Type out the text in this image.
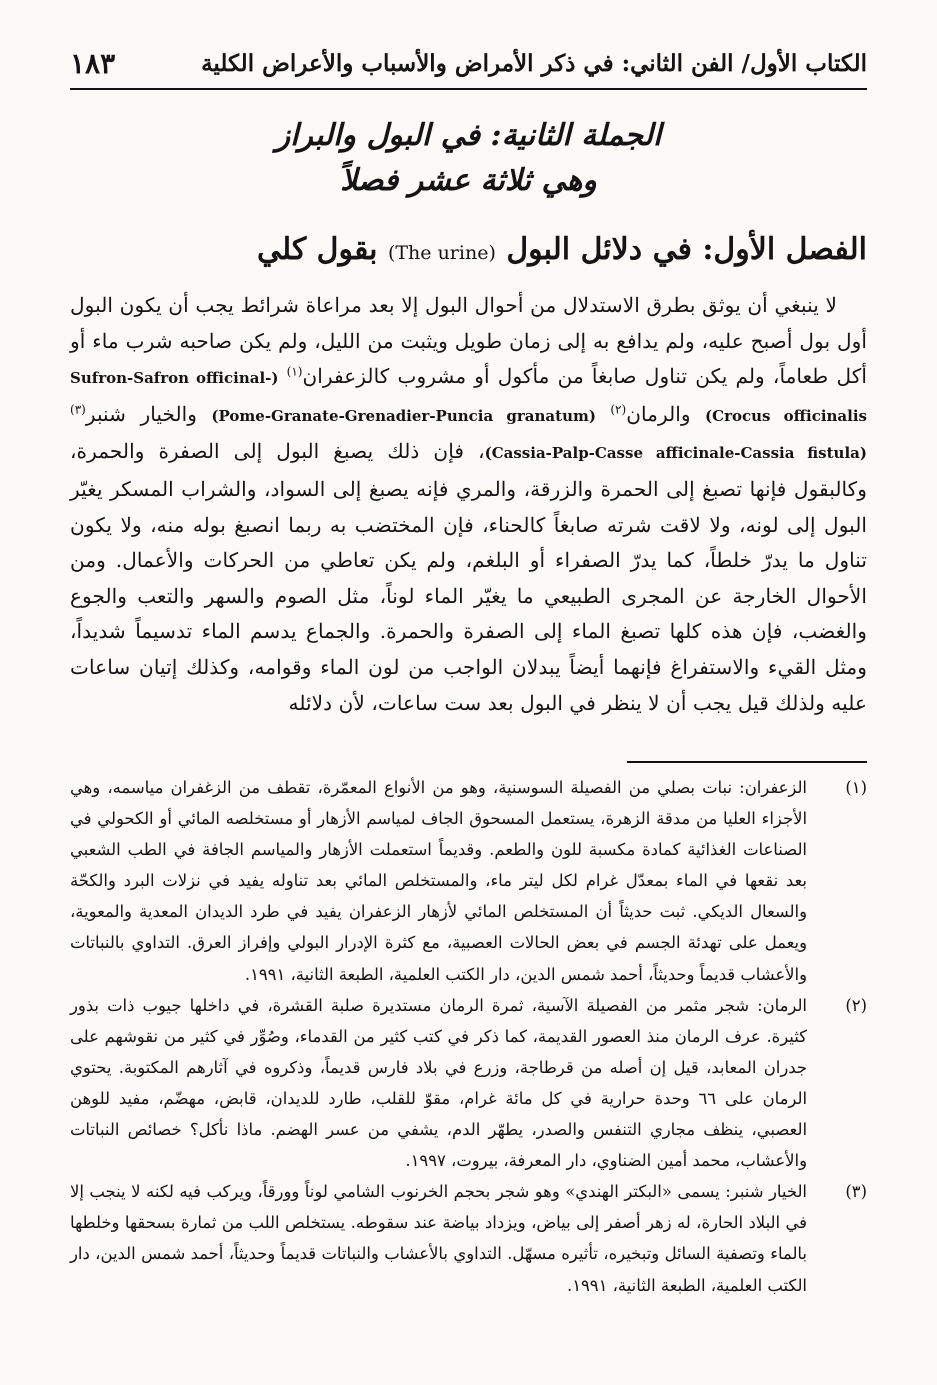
١٨٣	الكتاب الأول/ الفن الثاني: في ذكر الأمراض والأسباب والأعراض الكلية
الجملة الثانية: في البول والبراز
وهي ثلاثة عشر فصلاً
الفصل الأول: في دلائل البول (The urine) بقول كلي

لا ينبغي أن يوثق بطرق الاستدلال من أحوال البول إلا بعد مراعاة شرائط يجب أن يكون البول أول بول أصبح عليه، ولم يدافع به إلى زمان طويل ويثبت من الليل، ولم يكن صاحبه شرب ماء أو أكل طعاماً، ولم يكن تناول صابغاً من مأكول أو مشروب كالزعفران$^{(١)}$ (Sufron-Safron officinal-Crocus officinalis) والرمان$^{(٢)}$ (Pome-Granate-Grenadier-Puncia granatum) والخيار شنبر$^{(٣)}$ (Cassia-Palp-Casse afficinale-Cassia fistula)، فإن ذلك يصبغ البول إلى الصفرة والحمرة، وكالبقول فإنها تصبغ إلى الحمرة والزرقة، والمري فإنه يصبغ إلى السواد، والشراب المسكر يغيّر البول إلى لونه، ولا لاقت شرته صابغاً كالحناء، فإن المختضب به ربما انصبغ بوله منه، ولا يكون تناول ما يدرّ خلطاً، كما يدرّ الصفراء أو البلغم، ولم يكن تعاطي من الحركات والأعمال. ومن الأحوال الخارجة عن المجرى الطبيعي ما يغيّر الماء لوناً، مثل الصوم والسهر والتعب والجوع والغضب، فإن هذه كلها تصبغ الماء إلى الصفرة والحمرة. والجماع يدسم الماء تدسيماً شديداً، ومثل القيء والاستفراغ فإنهما أيضاً يبدلان الواجب من لون الماء وقوامه، وكذلك إتيان ساعات عليه ولذلك قيل يجب أن لا ينظر في البول بعد ست ساعات، لأن دلائله

(١)
الزعفران: نبات بصلي من الفصيلة السوسنية، وهو من الأنواع المعمّرة، تقطف من الزغفران مياسمه، وهي الأجزاء العليا من مدقة الزهرة، يستعمل المسحوق الجاف لمياسم الأزهار أو مستخلصه المائي أو الكحولي في الصناعات الغذائية كمادة مكسبة للون والطعم. وقديماً استعملت الأزهار والمياسم الجافة في الطب الشعبي بعد نقعها في الماء بمعدّل غرام لكل ليتر ماء، والمستخلص المائي بعد تناوله يفيد في نزلات البرد والكحّة والسعال الديكي. ثبت حديثاً أن المستخلص المائي لأزهار الزعفران يفيد في طرد الديدان المعدية والمعوية، ويعمل على تهدئة الجسم في بعض الحالات العصبية، مع كثرة الإدرار البولي وإفراز العرق. التداوي بالنباتات والأعشاب قديماً وحديثاً، أحمد شمس الدين، دار الكتب العلمية، الطبعة الثانية، ١٩٩١.

(٢)
الرمان: شجر مثمر من الفصيلة الآسية، ثمرة الرمان مستديرة صلبة القشرة، في داخلها جيوب ذات بذور كثيرة. عرف الرمان منذ العصور القديمة، كما ذكر في كتب كثير من القدماء، وصُوِّر في كثير من نقوشهم على جدران المعابد، قيل إن أصله من قرطاجة، وزرع في بلاد فارس قديماً، وذكروه في آثارهم المكتوبة. يحتوي الرمان على ٦٦ وحدة حرارية في كل مائة غرام، مقوّ للقلب، طارد للديدان، قابض، مهضّم، مفيد للوهن العصبي، ينظف مجاري التنفس والصدر، يطهّر الدم، يشفي من عسر الهضم. ماذا نأكل؟ خصائص النباتات والأعشاب، محمد أمين الضناوي، دار المعرفة، بيروت، ١٩٩٧.

(٣)
الخيار شنبر: يسمى «البكتر الهندي» وهو شجر بحجم الخرنوب الشامي لوناً وورقاً، ويركب فيه لكنه لا ينجب إلا في البلاد الحارة، له زهر أصفر إلى بياض، ويزداد بياضة عند سقوطه. يستخلص اللب من ثمارة بسحقها وخلطها بالماء وتصفية السائل وتبخيره، تأثيره مسهّل. التداوي بالأعشاب والنباتات قديماً وحديثاً، أحمد شمس الدين، دار الكتب العلمية، الطبعة الثانية، ١٩٩١.
